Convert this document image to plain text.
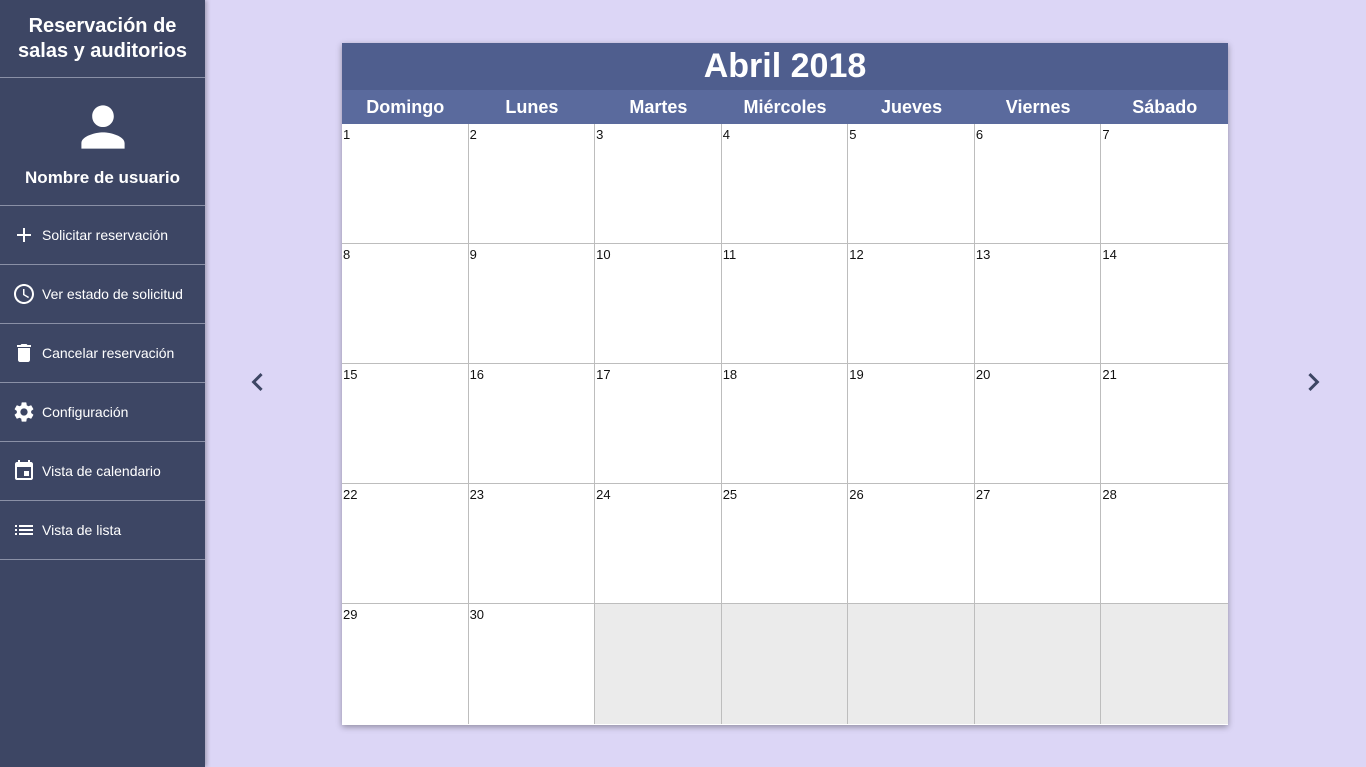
Reservación de salas y auditorios
Nombre de usuario
Solicitar reservación
Ver estado de solicitud
Cancelar reservación
Configuración
Vista de calendario
Vista de lista
Abril 2018
Domingo	Lunes	Martes	Miércoles	Jueves	Viernes	Sábado
1	2	3	4	5	6	7
8	9	10	11	12	13	14
15	16	17	18	19	20	21
22	23	24	25	26	27	28
29	30
